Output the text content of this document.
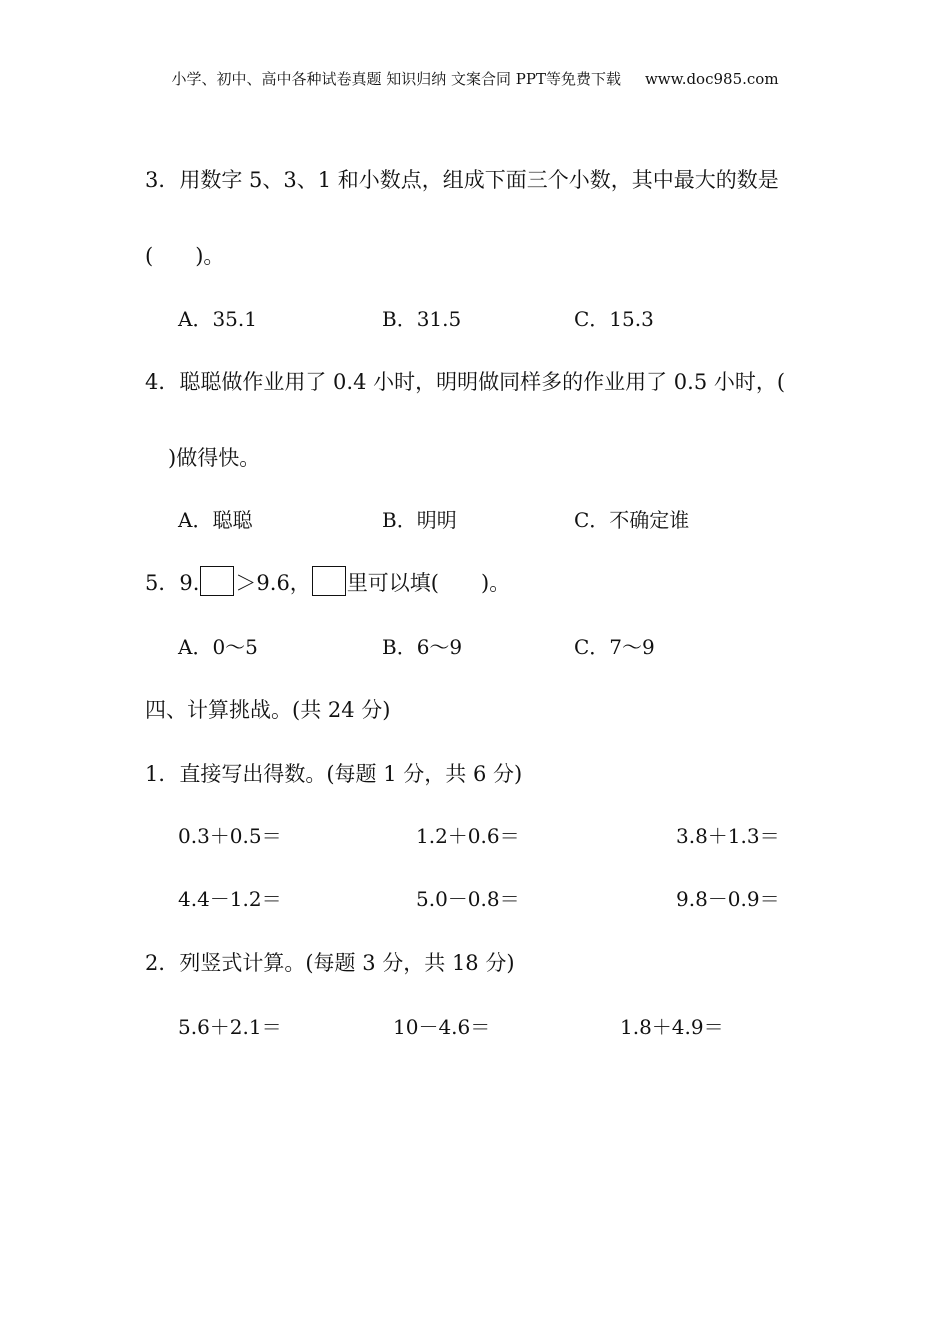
小学、初中、高中各种试卷真题 知识归纳 文案合同 PPT等免费下载 www.doc985.com
3．用数字 5、3、1 和小数点，组成下面三个小数，其中最大的数是
( )。
A．35.1	B．31.5	C．15.3
4．聪聪做作业用了 0.4 小时，明明做同样多的作业用了 0.5 小时，(
)做得快。
A．聪聪	B．明明	C．不确定谁
5．9. ＞9.6， 里可以填( )。
A．0～5	B．6～9	C．7～9
四、计算挑战。(共 24 分)
1．直接写出得数。(每题 1 分，共 6 分)
0.3＋0.5＝	1.2＋0.6＝	3.8＋1.3＝
4.4－1.2＝	5.0－0.8＝	9.8－0.9＝
2．列竖式计算。(每题 3 分，共 18 分)
5.6＋2.1＝	10－4.6＝	1.8＋4.9＝
